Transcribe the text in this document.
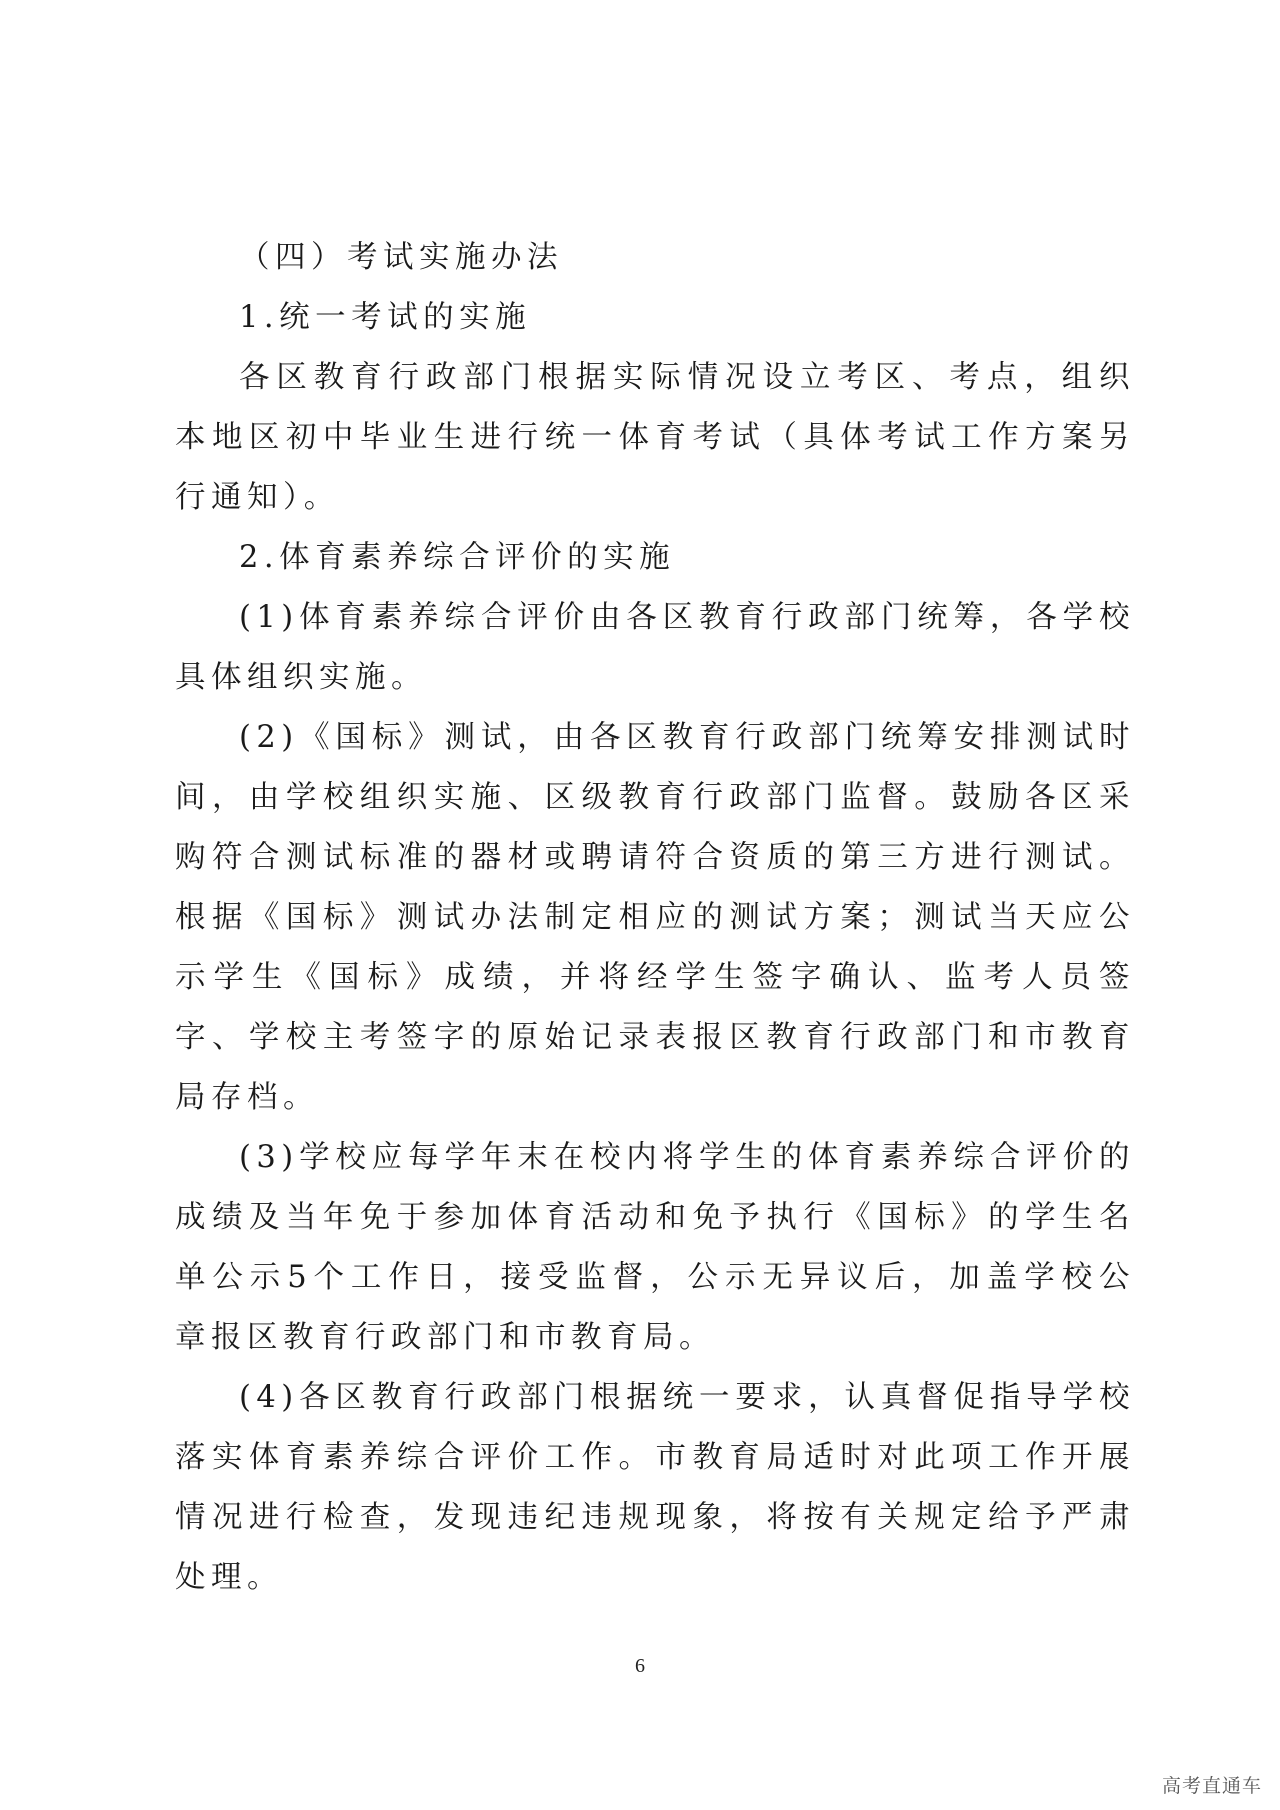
（四）考试实施办法

1.统一考试的实施

各区教育行政部门根据实际情况设立考区、考点，组织本地区初中毕业生进行统一体育考试（具体考试工作方案另行通知）。

2.体育素养综合评价的实施

(1)体育素养综合评价由各区教育行政部门统筹，各学校具体组织实施。

(2)《国标》测试，由各区教育行政部门统筹安排测试时间，由学校组织实施、区级教育行政部门监督。鼓励各区采购符合测试标准的器材或聘请符合资质的第三方进行测试。根据《国标》测试办法制定相应的测试方案；测试当天应公示学生《国标》成绩，并将经学生签字确认、监考人员签字、学校主考签字的原始记录表报区教育行政部门和市教育局存档。

(3)学校应每学年末在校内将学生的体育素养综合评价的成绩及当年免于参加体育活动和免予执行《国标》的学生名单公示5个工作日，接受监督，公示无异议后，加盖学校公章报区教育行政部门和市教育局。

(4)各区教育行政部门根据统一要求，认真督促指导学校落实体育素养综合评价工作。市教育局适时对此项工作开展情况进行检查，发现违纪违规现象，将按有关规定给予严肃处理。

6
高考直通车
